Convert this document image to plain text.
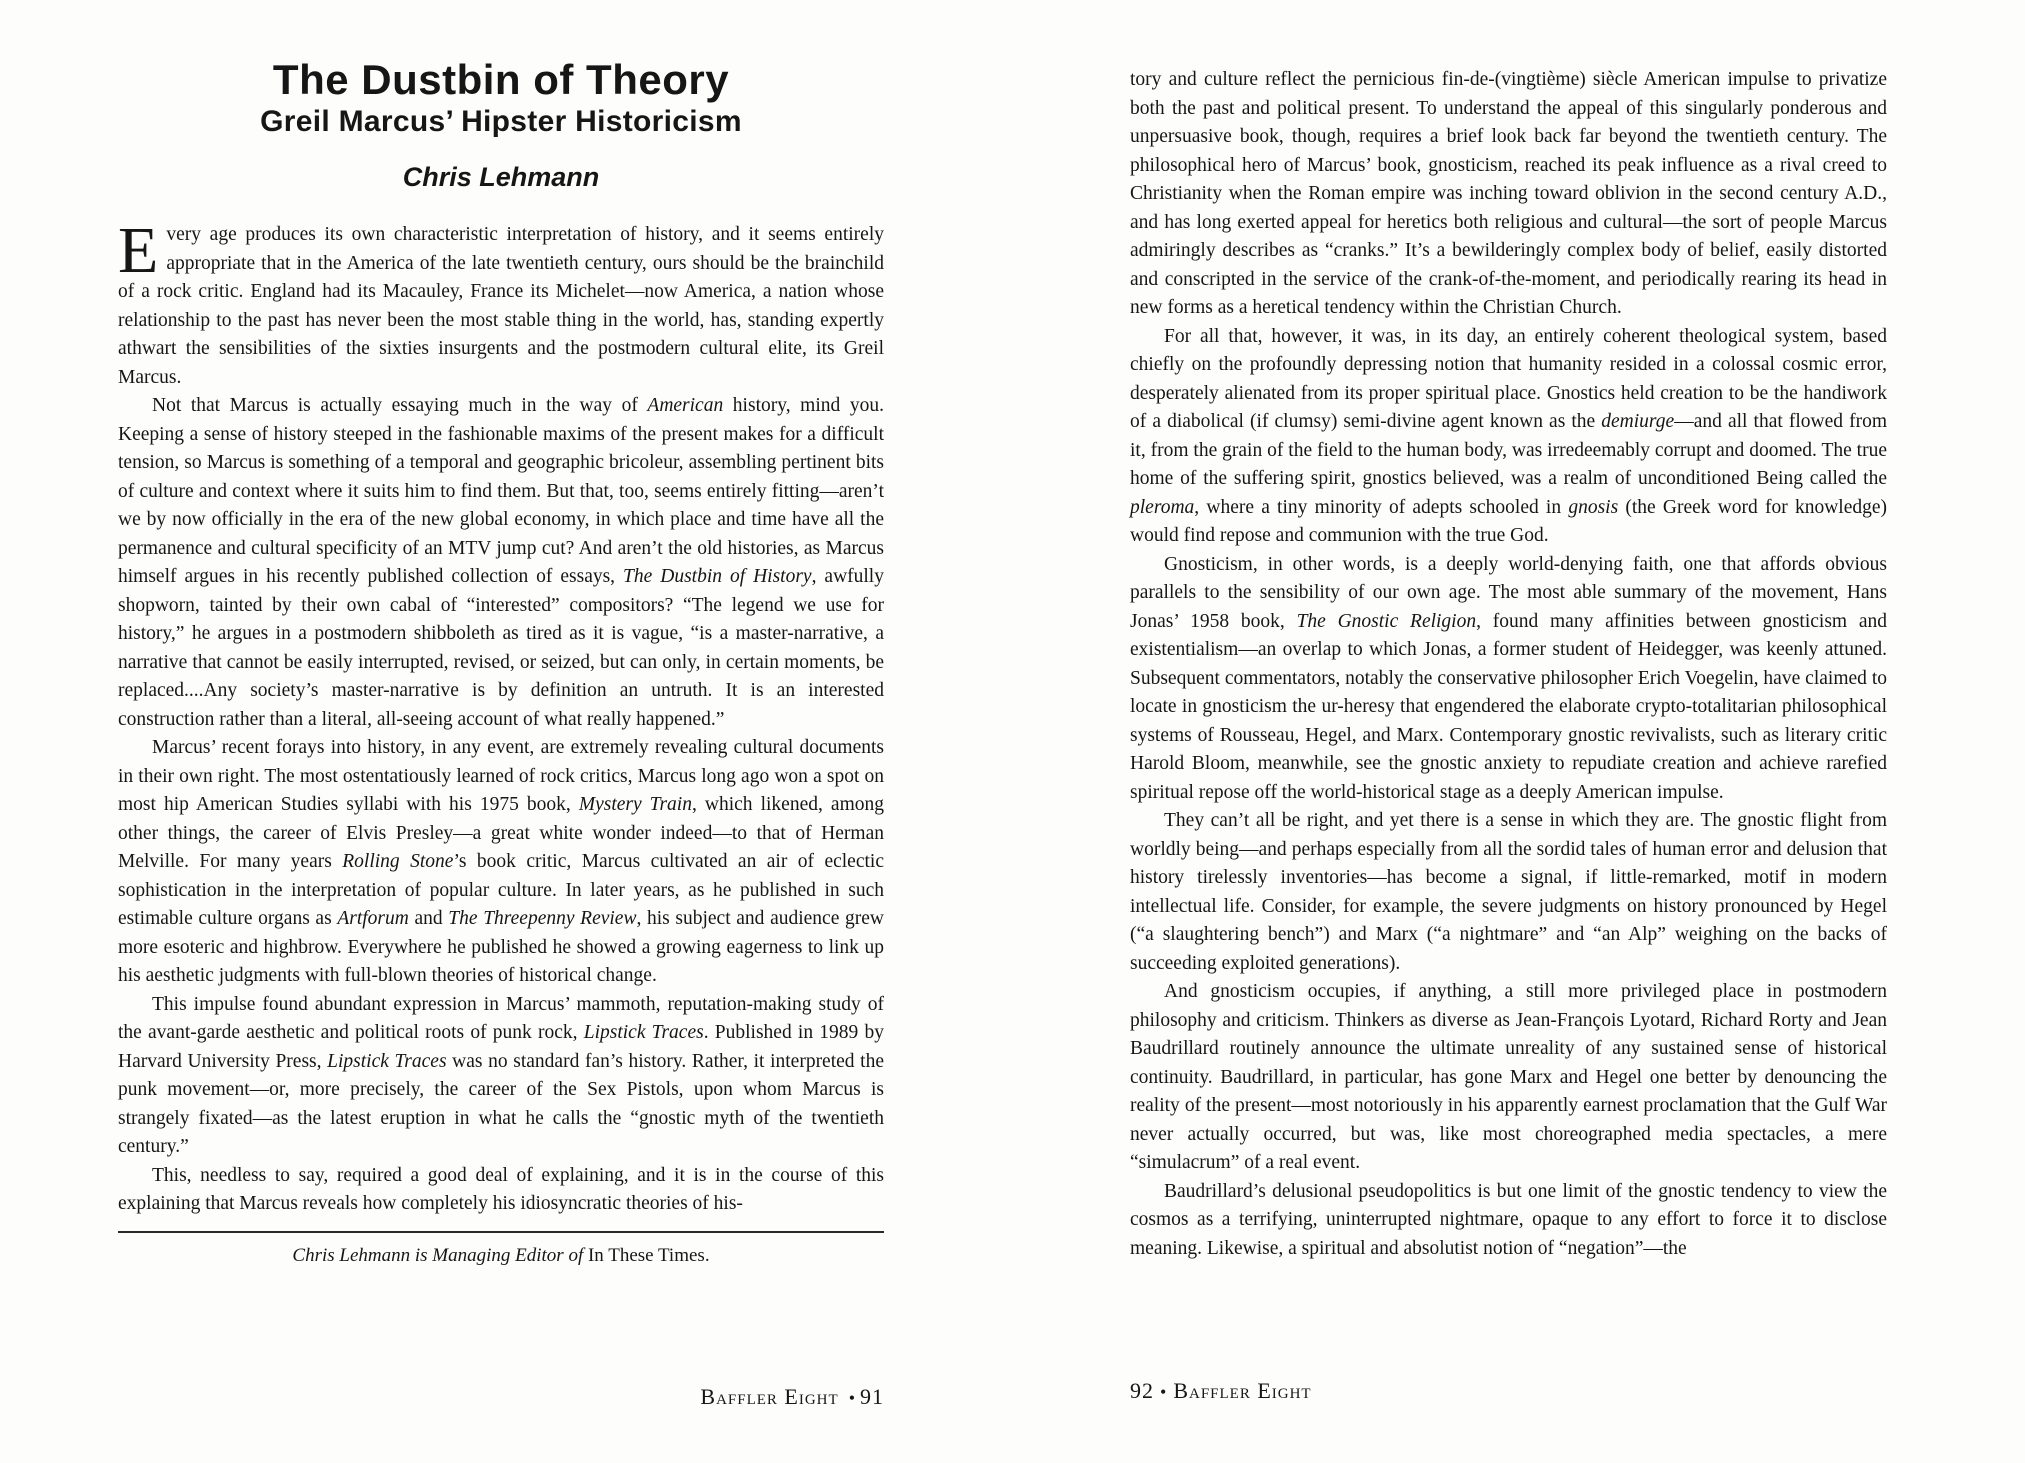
The Dustbin of Theory
Greil Marcus’ Hipster Historicism
Chris Lehmann

Every age produces its own characteristic interpretation of history, and it seems entirely appropriate that in the America of the late twentieth century, ours should be the brainchild of a rock critic. England had its Macauley, France its Michelet—now America, a nation whose relationship to the past has never been the most stable thing in the world, has, standing expertly athwart the sensibilities of the sixties insurgents and the postmodern cultural elite, its Greil Marcus.

Not that Marcus is actually essaying much in the way of American history, mind you. Keeping a sense of history steeped in the fashionable maxims of the present makes for a difficult tension, so Marcus is something of a temporal and geographic bricoleur, assembling pertinent bits of culture and context where it suits him to find them. But that, too, seems entirely fitting—aren’t we by now officially in the era of the new global economy, in which place and time have all the permanence and cultural specificity of an MTV jump cut? And aren’t the old histories, as Marcus himself argues in his recently published collection of essays, The Dustbin of History, awfully shopworn, tainted by their own cabal of “interested” compositors? “The legend we use for history,” he argues in a postmodern shibboleth as tired as it is vague, “is a master-narrative, a narrative that cannot be easily interrupted, revised, or seized, but can only, in certain moments, be replaced....Any society’s master-narrative is by definition an untruth. It is an interested construction rather than a literal, all-seeing account of what really happened.”

Marcus’ recent forays into history, in any event, are extremely revealing cultural documents in their own right. The most ostentatiously learned of rock critics, Marcus long ago won a spot on most hip American Studies syllabi with his 1975 book, Mystery Train, which likened, among other things, the career of Elvis Presley—a great white wonder indeed—to that of Herman Melville. For many years Rolling Stone’s book critic, Marcus cultivated an air of eclectic sophistication in the interpretation of popular culture. In later years, as he published in such estimable culture organs as Artforum and The Threepenny Review, his subject and audience grew more esoteric and highbrow. Everywhere he published he showed a growing eagerness to link up his aesthetic judgments with full-blown theories of historical change.

This impulse found abundant expression in Marcus’ mammoth, reputation-making study of the avant-garde aesthetic and political roots of punk rock, Lipstick Traces. Published in 1989 by Harvard University Press, Lipstick Traces was no standard fan’s history. Rather, it interpreted the punk movement—or, more precisely, the career of the Sex Pistols, upon whom Marcus is strangely fixated—as the latest eruption in what he calls the “gnostic myth of the twentieth century.”

This, needless to say, required a good deal of explaining, and it is in the course of this explaining that Marcus reveals how completely his idiosyncratic theories of his-

Chris Lehmann is Managing Editor of In These Times.

tory and culture reflect the pernicious fin-de-(vingtième) siècle American impulse to privatize both the past and political present. To understand the appeal of this singularly ponderous and unpersuasive book, though, requires a brief look back far beyond the twentieth century. The philosophical hero of Marcus’ book, gnosticism, reached its peak influence as a rival creed to Christianity when the Roman empire was inching toward oblivion in the second century A.D., and has long exerted appeal for heretics both religious and cultural—the sort of people Marcus admiringly describes as “cranks.” It’s a bewilderingly complex body of belief, easily distorted and conscripted in the service of the crank-of-the-moment, and periodically rearing its head in new forms as a heretical tendency within the Christian Church.

For all that, however, it was, in its day, an entirely coherent theological system, based chiefly on the profoundly depressing notion that humanity resided in a colossal cosmic error, desperately alienated from its proper spiritual place. Gnostics held creation to be the handiwork of a diabolical (if clumsy) semi-divine agent known as the demiurge—and all that flowed from it, from the grain of the field to the human body, was irredeemably corrupt and doomed. The true home of the suffering spirit, gnostics believed, was a realm of unconditioned Being called the pleroma, where a tiny minority of adepts schooled in gnosis (the Greek word for knowledge) would find repose and communion with the true God.

Gnosticism, in other words, is a deeply world-denying faith, one that affords obvious parallels to the sensibility of our own age. The most able summary of the movement, Hans Jonas’ 1958 book, The Gnostic Religion, found many affinities between gnosticism and existentialism—an overlap to which Jonas, a former student of Heidegger, was keenly attuned. Subsequent commentators, notably the conservative philosopher Erich Voegelin, have claimed to locate in gnosticism the ur-heresy that engendered the elaborate crypto-totalitarian philosophical systems of Rousseau, Hegel, and Marx. Contemporary gnostic revivalists, such as literary critic Harold Bloom, meanwhile, see the gnostic anxiety to repudiate creation and achieve rarefied spiritual repose off the world-historical stage as a deeply American impulse.

They can’t all be right, and yet there is a sense in which they are. The gnostic flight from worldly being—and perhaps especially from all the sordid tales of human error and delusion that history tirelessly inventories—has become a signal, if little-remarked, motif in modern intellectual life. Consider, for example, the severe judgments on history pronounced by Hegel (“a slaughtering bench”) and Marx (“a nightmare” and “an Alp” weighing on the backs of succeeding exploited generations).

And gnosticism occupies, if anything, a still more privileged place in postmodern philosophy and criticism. Thinkers as diverse as Jean-François Lyotard, Richard Rorty and Jean Baudrillard routinely announce the ultimate unreality of any sustained sense of historical continuity. Baudrillard, in particular, has gone Marx and Hegel one better by denouncing the reality of the present—most notoriously in his apparently earnest proclamation that the Gulf War never actually occurred, but was, like most choreographed media spectacles, a mere “simulacrum” of a real event.

Baudrillard’s delusional pseudopolitics is but one limit of the gnostic tendency to view the cosmos as a terrifying, uninterrupted nightmare, opaque to any effort to force it to disclose meaning. Likewise, a spiritual and absolutist notion of “negation”—the

Baffler Eight • 91	92 • Baffler Eight
